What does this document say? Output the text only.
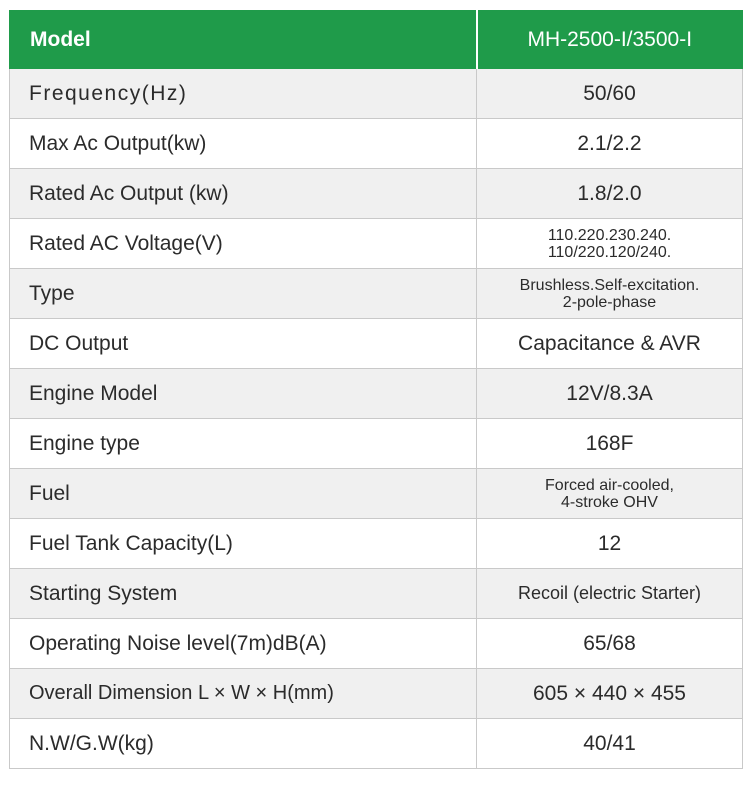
Model	MH-2500-I/3500-I
Frequency(Hz)	50/60
Max Ac Output(kw)	2.1/2.2
Rated Ac Output (kw)	1.8/2.0
Rated AC Voltage(V)	110.220.230.240.
110/220.120/240.

Type	Brushless.Self-excitation.
2-pole-phase

DC Output	Capacitance & AVR
Engine Model	12V/8.3A
Engine type	168F
Fuel	Forced air-cooled,
4-stroke OHV

Fuel Tank Capacity(L)	12
Starting System	Recoil (electric Starter)
Operating Noise level(7m)dB(A)	65/68
Overall Dimension L × W × H(mm)	605 × 440 × 455
N.W/G.W(kg)	40/41
